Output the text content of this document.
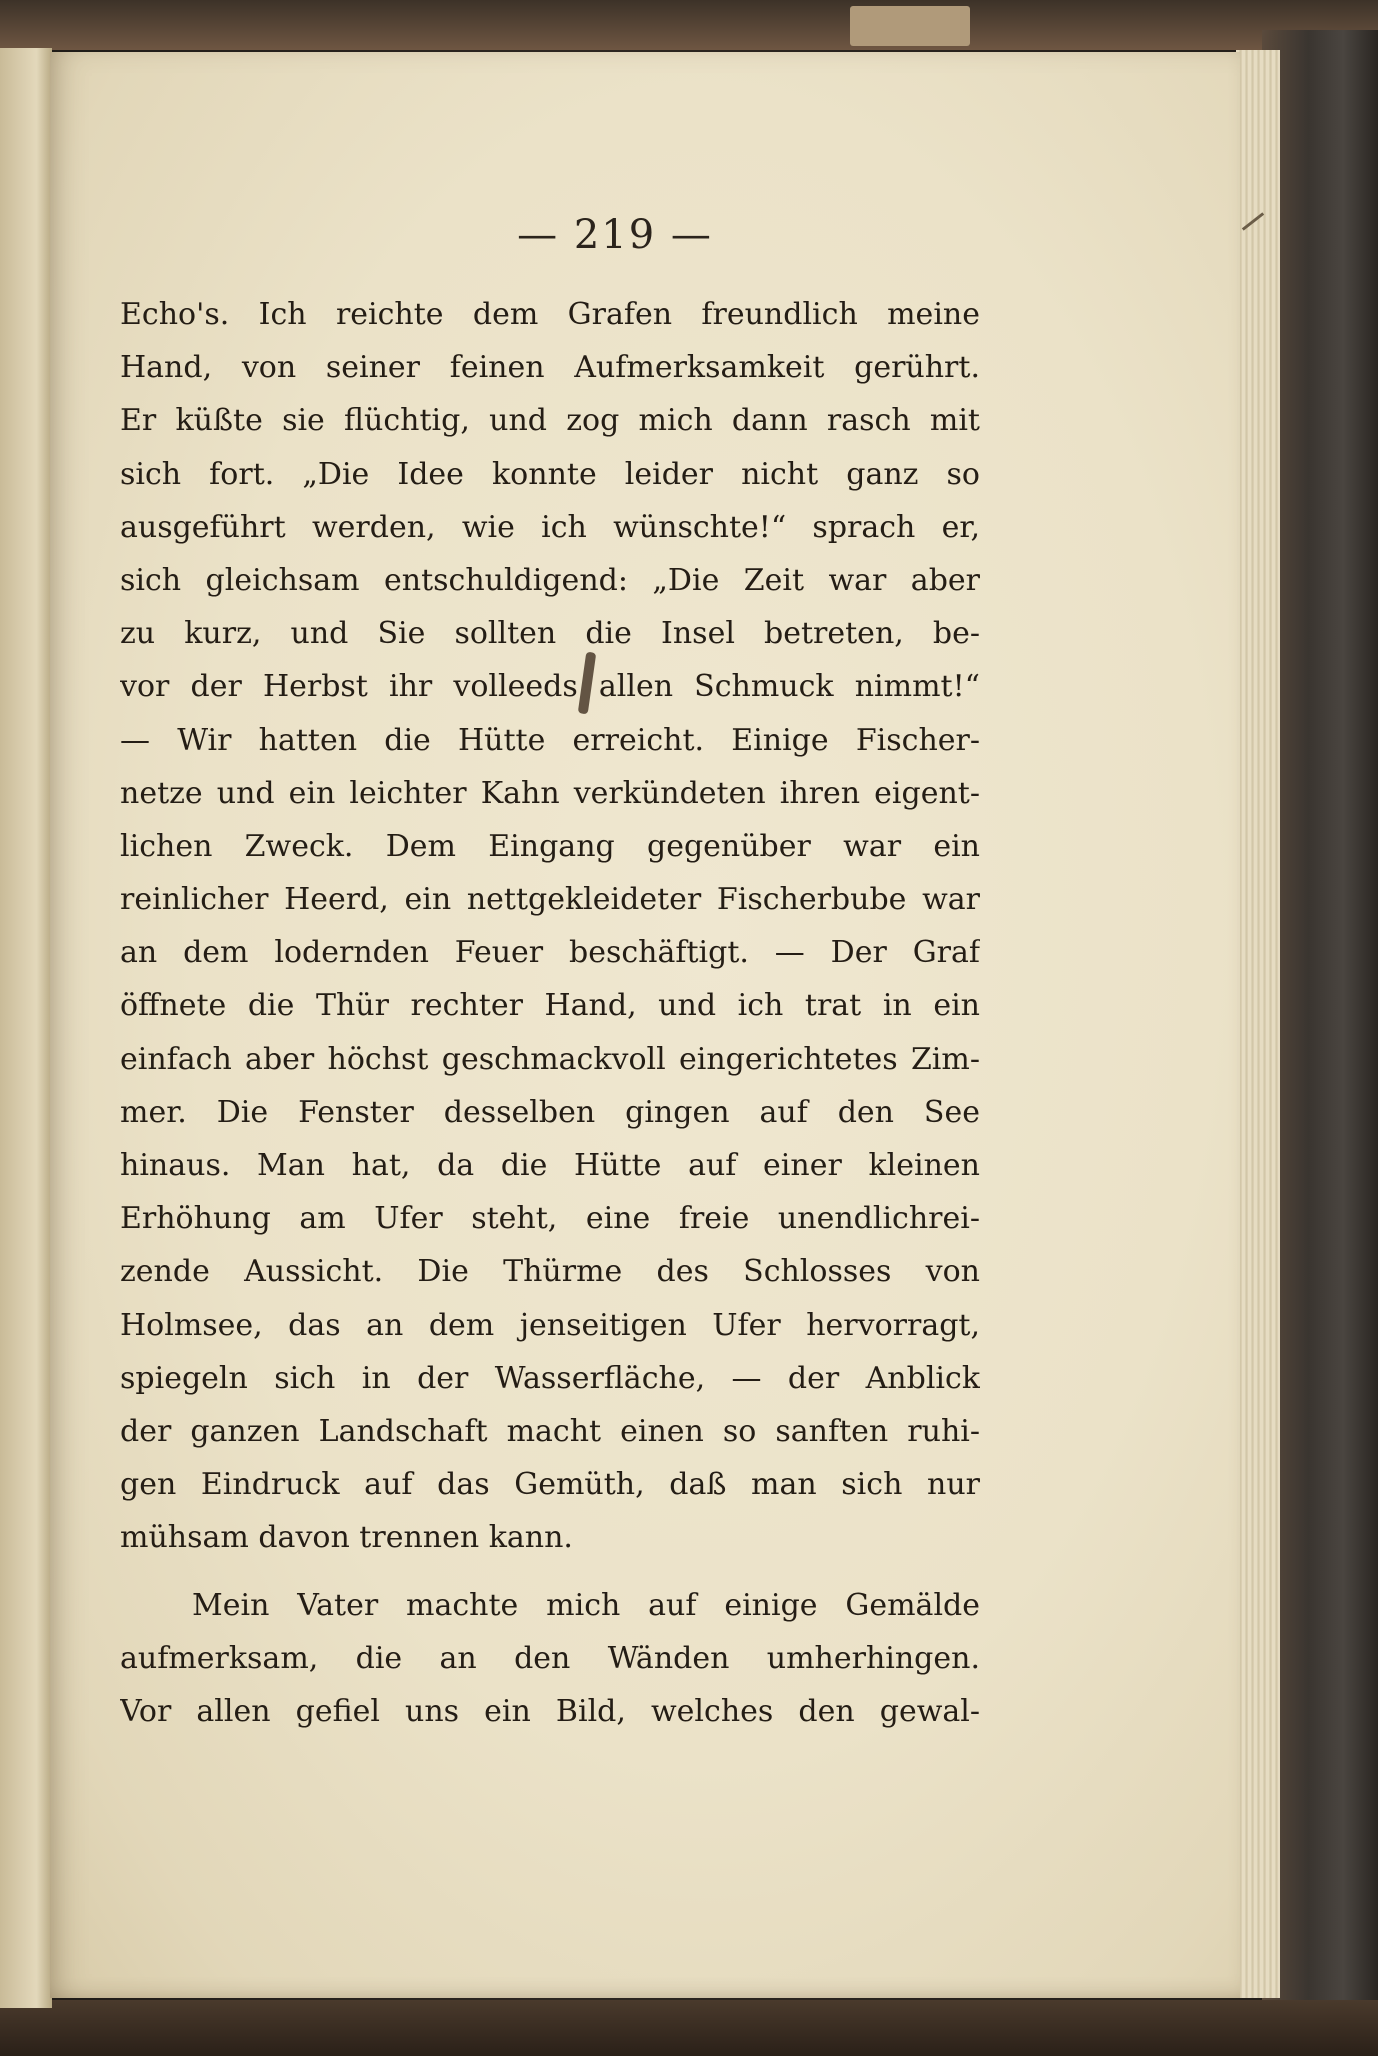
— 219 —
Echo's. Ich reichte dem Grafen freundlich meine
Hand, von seiner feinen Aufmerksamkeit gerührt.
Er küßte sie flüchtig, und zog mich dann rasch mit
sich fort. „Die Idee konnte leider nicht ganz so
ausgeführt werden, wie ich wünschte!“ sprach er,
sich gleichsam entschuldigend: „Die Zeit war aber
zu kurz, und Sie sollten die Insel betreten, be-
vor der Herbst ihr volleeds allen Schmuck nimmt!“
— Wir hatten die Hütte erreicht. Einige Fischer-
netze und ein leichter Kahn verkündeten ihren eigent-
lichen Zweck. Dem Eingang gegenüber war ein
reinlicher Heerd, ein nettgekleideter Fischerbube war
an dem lodernden Feuer beschäftigt. — Der Graf
öffnete die Thür rechter Hand, und ich trat in ein
einfach aber höchst geschmackvoll eingerichtetes Zim-
mer. Die Fenster desselben gingen auf den See
hinaus. Man hat, da die Hütte auf einer kleinen
Erhöhung am Ufer steht, eine freie unendlichrei-
zende Aussicht. Die Thürme des Schlosses von
Holmsee, das an dem jenseitigen Ufer hervorragt,
spiegeln sich in der Wasserfläche, — der Anblick
der ganzen Landschaft macht einen so sanften ruhi-
gen Eindruck auf das Gemüth, daß man sich nur
mühsam davon trennen kann.
Mein Vater machte mich auf einige Gemälde
aufmerksam, die an den Wänden umherhingen.
Vor allen gefiel uns ein Bild, welches den gewal-
